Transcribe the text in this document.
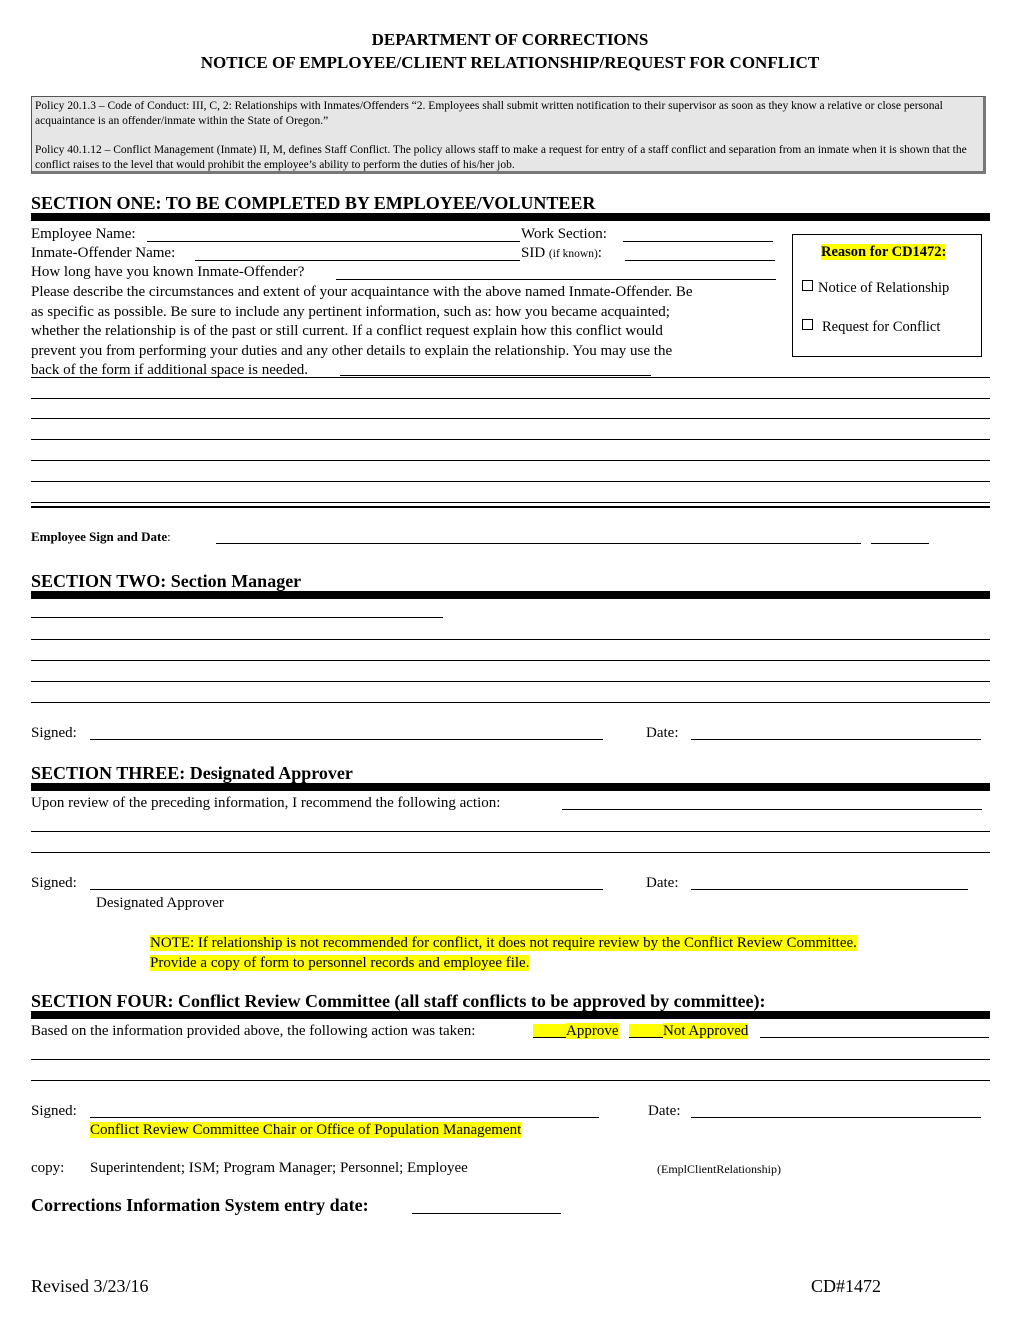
DEPARTMENT OF CORRECTIONS
NOTICE OF EMPLOYEE/CLIENT RELATIONSHIP/REQUEST FOR CONFLICT

Policy 20.1.3 – Code of Conduct: III, C, 2: Relationships with Inmates/Offenders “2. Employees shall submit written notification to their supervisor as soon as they know a relative or close personal acquaintance is an offender/inmate within the State of Oregon.”

Policy 40.1.12 – Conflict Management (Inmate) II, M, defines Staff Conflict. The policy allows staff to make a request for entry of a staff conflict and separation from an inmate when it is shown that the conflict raises to the level that would prohibit the employee’s ability to perform the duties of his/her job.

SECTION ONE: TO BE COMPLETED BY EMPLOYEE/VOLUNTEER
Employee Name:	Work Section:
Inmate-Offender Name:	SID (if known):
How long have you known Inmate-Offender?
Please describe the circumstances and extent of your acquaintance with the above named Inmate-Offender. Be
as specific as possible. Be sure to include any pertinent information, such as: how you became acquainted;
whether the relationship is of the past or still current. If a conflict request explain how this conflict would
prevent you from performing your duties and any other details to explain the relationship. You may use the
back of the form if additional space is needed.
Reason for CD1472:
Notice of Relationship
Request for Conflict
Employee Sign and Date:
SECTION TWO: Section Manager
Signed:	Date:
SECTION THREE: Designated Approver
Upon review of the preceding information, I recommend the following action:
Signed:	Date:
Designated Approver
NOTE: If relationship is not recommended for conflict, it does not require review by the Conflict Review Committee.
Provide a copy of form to personnel records and employee file.
SECTION FOUR: Conflict Review Committee (all staff conflicts to be approved by committee):
Based on the information provided above, the following action was taken:	Approve	Not Approved
Signed:	Date:
Conflict Review Committee Chair or Office of Population Management
copy: Superintendent; ISM; Program Manager; Personnel; Employee	(EmplClientRelationship)
Corrections Information System entry date:
Revised 3/23/16	CD#1472
